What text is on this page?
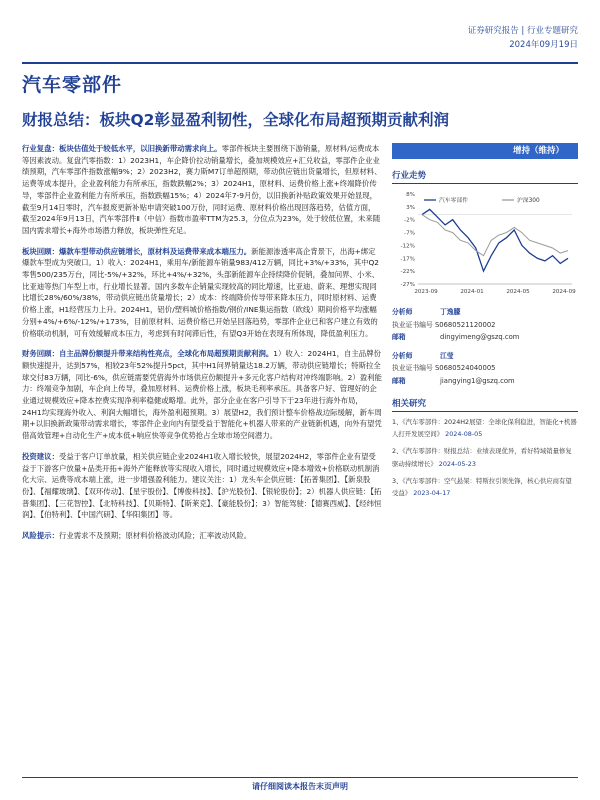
证券研究报告 | 行业专题研究
2024年09月19日
汽车零部件
财报总结：板块Q2彰显盈利韧性，全球化布局超预期贡献利润
行业复盘：板块估值处于较低水平，以旧换新带动需求向上。零部件板块主要围绕下游销量，原材料/运费成本等因素波动。复盘汽零指数：1）2023H1，车企降价拉动销量增长，叠加规模效应+汇兑收益，零部件企业业绩预期，汽车零部件指数涨幅9%；2）2023H2，赛力斯M7订单超预期，带动供应链出货量增长，但原材料、运费等成本提升，企业盈利能力有所承压，指数跌幅2%；3）2024H1，原材料、运费价格上涨+终端降价传导，零部件企业盈利能力有所承压，指数跌幅15%；4）2024年7-9月份，以旧换新补贴政策效果开始显现，截至9月14日零时，汽车报废更新补贴申请突破100万份，同时运费、原材料价格出现回落趋势，估值方面，截至2024年9月13日，汽车零部件Ⅱ（中信）指数市盈率TTM为25.3，分位点为23%，处于较低位置，未来随国内需求增长+海外市场潜力释放，板块弹性充足。
板块回顾：爆款车型带动供应链增长，原材料及运费带来成本端压力。新能源渗透率高企背景下，出海+绑定爆款车型成为突破口。1）收入：2024H1，乘用车/新能源车销量983/412万辆，同比+3%/+33%，其中Q2零售500/235万台，同比-5%/+32%，环比+4%/+32%，头部新能源车企持续降价促销，叠加问界、小米、比亚迪等热门车型上市，行业增长显著。国内多数车企销量实现较高的同比增速，比亚迪、蔚来、理想实现同比增长28%/60%/38%，带动供应链出货量增长；2）成本：终端降价传导带来降本压力，同时原材料、运费价格上涨，H1经营压力上升。2024H1，铝价/塑料城价格指数/钢价/INE集运指数（欧线）期间价格平均涨幅分别+4%/+6%/-12%/+173%，目前原材料、运费价格已开始呈回落趋势，零部件企业已和客户建立有效的价格联动机制，可有效缓解成本压力，考虑到有时间滞后性，有望Q3开始在表现有所体现，降低盈利压力。
财务回顾：自主品牌份额提升带来结构性亮点，全球化布局超预期贡献利润。1）收入：2024H1，自主品牌份额快速提升，达到57%，相较23年52%提升5pct，其中H1问界销量达18.2万辆，带动供应链增长；特斯拉全球交付83万辆，同比-6%，供应链需要凭借海外市场供应份额提升+多元化客户结构对冲终端影响。2）盈利能力：终端竞争加剧，车企向上传导，叠加原材料、运费价格上涨，板块毛利率承压。具备客户好、管理好的企业通过规模效应+降本控费实现净利率稳健或略增。此外，部分企业在客户引导下于23年进行海外布局，24H1均实现海外收入、利润大幅增长，海外盈利超预期。3）展望H2，我们预计整车价格战边际缓解，新车周期+以旧换新政策带动需求增长，零部件企业向内有望受益于智能化+机器人带来的产业链新机遇，向外有望凭借高效管理+自动化生产+成本低+响应快等竞争优势抢占全球市场空间潜力。
投资建议：受益于客户订单放量，相关供应链企业2024H1收入增长较快，展望2024H2，零部件企业有望受益于下游客户放量+品类开拓+海外产能释放等实现收入增长，同时通过规模效应+降本增效+价格联动机制消化大宗、运费等成本端上涨，进一步增强盈利能力。建议关注：1）龙头车企供应链：【拓普集团】、【新泉股份】、【福耀玻璃】、【双环传动】、【星宇股份】、【博俊科技】、【沪光股份】、【银轮股份】；2）机器人供应链：【拓普集团】、【三花智控】、【北特科技】、【贝斯特】、【斯莱克】、【豪能股份】；3）智能驾驶：【德赛西威】、【经纬恒润】、【伯特利】、【中国汽研】、【华阳集团】等。
风险提示：行业需求不及预期；原材料价格波动风险；汇率波动风险。
增持（维持）
行业走势
8%
3%
-2%
-7%
-12%
-17%
-22%
-27%
2023-09	2024-01	2024-05	2024-09
汽车零部件	沪深300
分析师	丁逸朦
执业证书编号 S0680521120002
邮箱	dingyimeng@gszq.com
分析师	江莹
执业证书编号 S0680524040005
邮箱	jiangying1@gszq.com
相关研究
1、《汽车零部件：2024H2展望：全球化保利稳进，智能化+机器人打开发展空间》 2024-08-05
2、《汽车零部件：财报总结：业绩表现优异，看好特域销量修复驱动持续增长》 2024-05-23
3、《汽车零部件：空气悬架：特斯拉引领先锋，核心供应商有望受益》 2023-04-17
请仔细阅读本报告末页声明
